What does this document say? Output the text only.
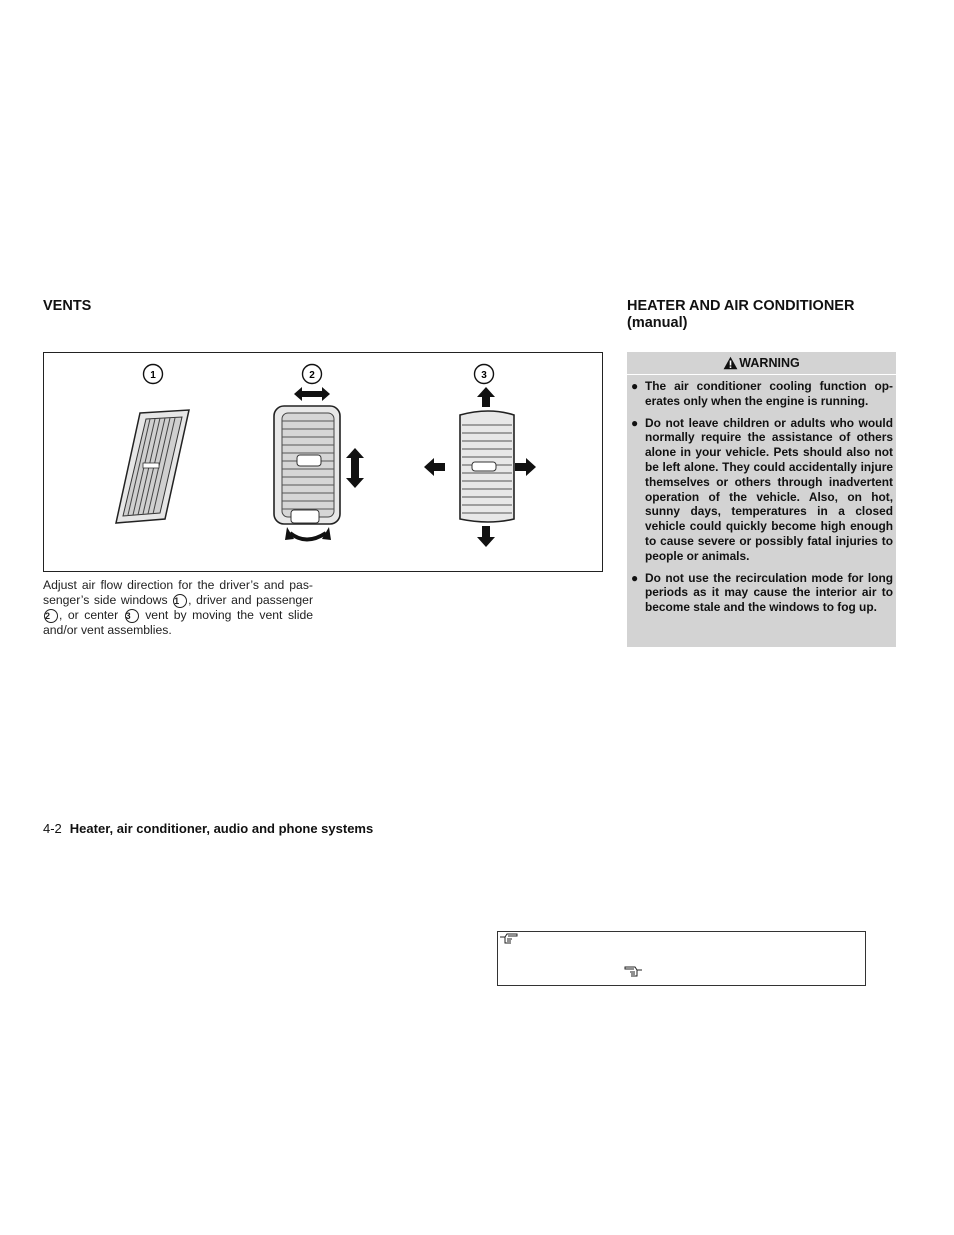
VENTS	HEATER AND AIR CONDITIONER
(manual)
1	2	3
Adjust air flow direction for the driver’s and pas-senger’s side windows 1 , driver and passenger 2 , or center 3 vent by moving the vent slide and/or vent assemblies.
WARNING
● The air conditioner cooling function op-erates only when the engine is running.
● Do not leave children or adults who would normally require the assistance of others alone in your vehicle. Pets should also not be left alone. They could accidentally injure themselves or others through inadvertent operation of the vehicle. Also, on hot, sunny days, temperatures in a closed vehicle could quickly become high enough to cause severe or possibly fatal injuries to people or animals.
● Do not use the recirculation mode for long periods as it may cause the interior air to become stale and the windows to fog up.
4-2 Heater, air conditioner, audio and phone systems
